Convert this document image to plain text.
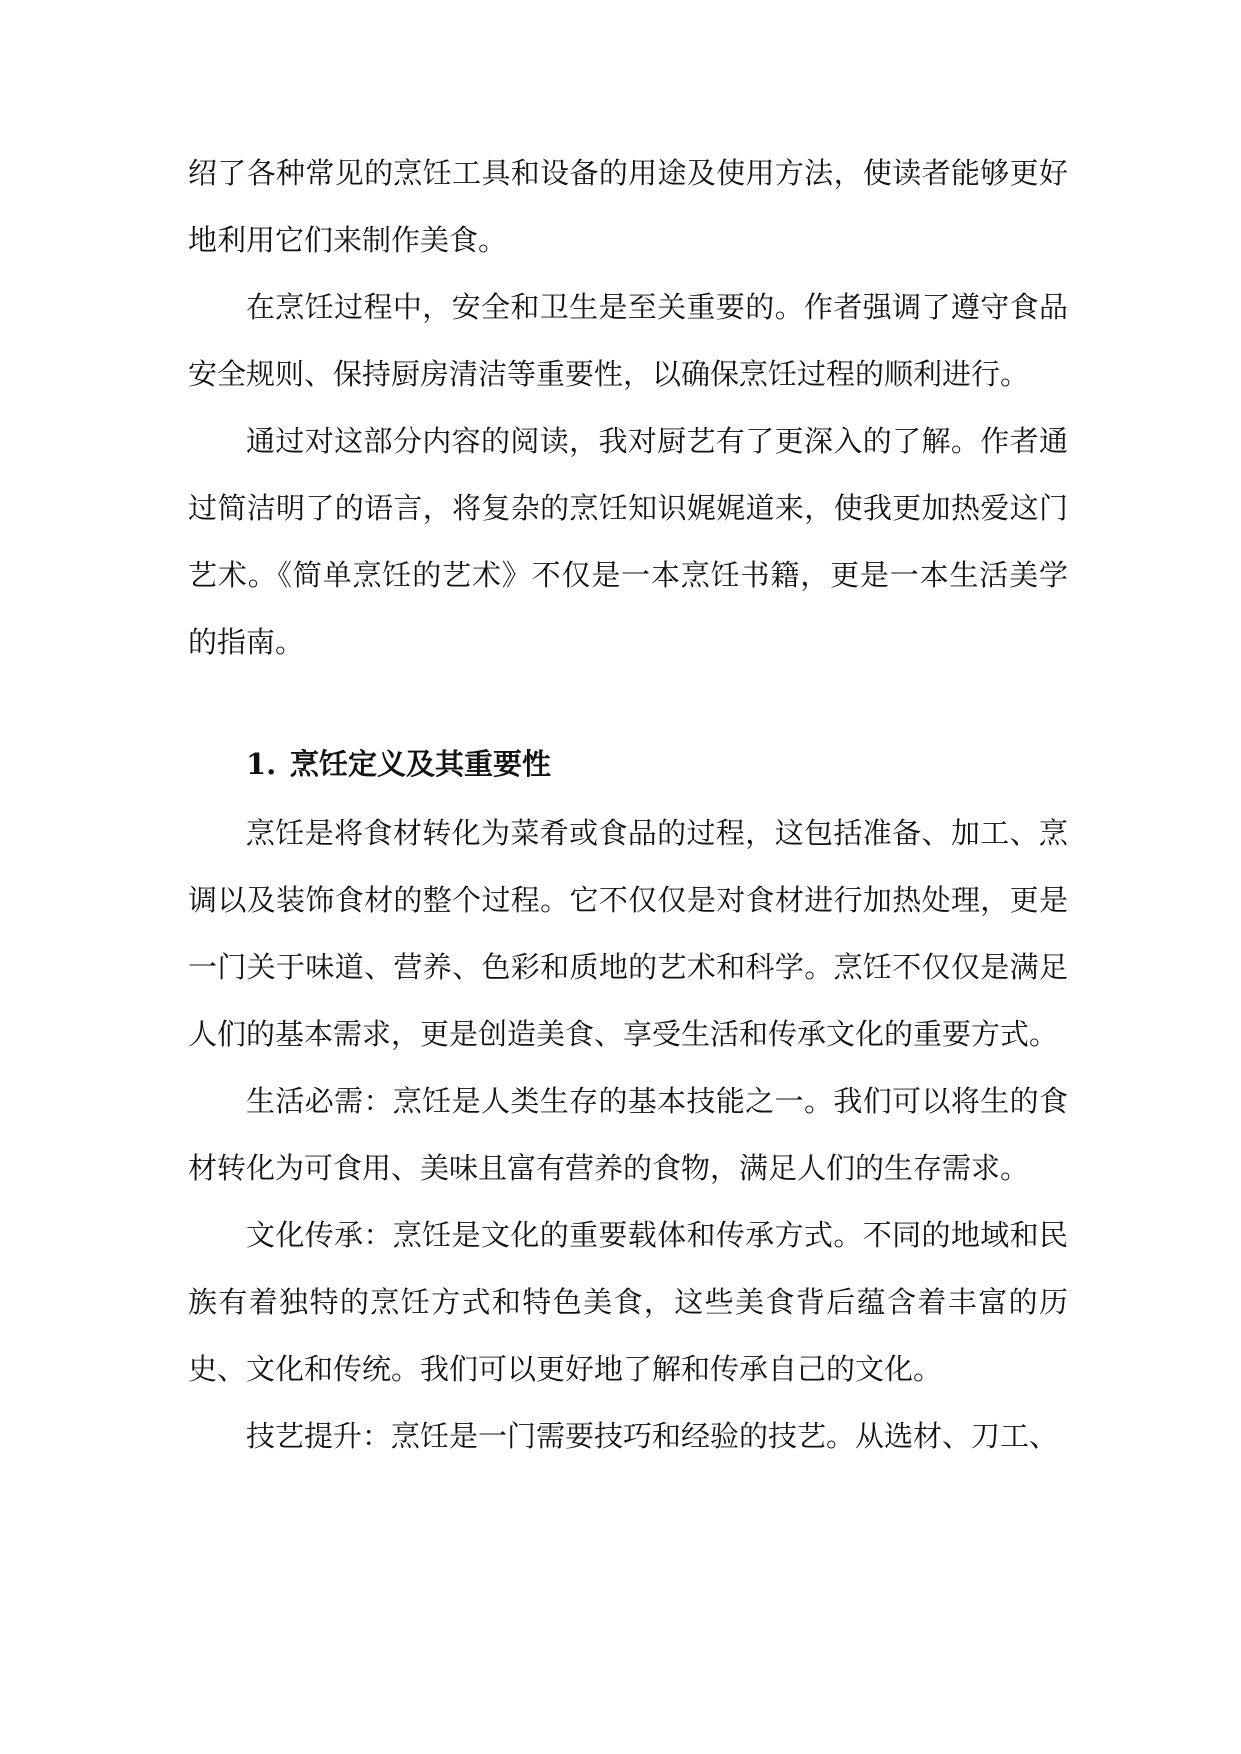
绍了各种常见的烹饪工具和设备的用途及使用方法，使读者能够更好地利用它们来制作美食。

在烹饪过程中，安全和卫生是至关重要的。作者强调了遵守食品安全规则、保持厨房清洁等重要性，以确保烹饪过程的顺利进行。

通过对这部分内容的阅读，我对厨艺有了更深入的了解。作者通过简洁明了的语言，将复杂的烹饪知识娓娓道来，使我更加热爱这门艺术。《简单烹饪的艺术》不仅是一本烹饪书籍，更是一本生活美学的指南。

1. 烹饪定义及其重要性

烹饪是将食材转化为菜肴或食品的过程，这包括准备、加工、烹调以及装饰食材的整个过程。它不仅仅是对食材进行加热处理，更是一门关于味道、营养、色彩和质地的艺术和科学。烹饪不仅仅是满足人们的基本需求，更是创造美食、享受生活和传承文化的重要方式。

生活必需：烹饪是人类生存的基本技能之一。我们可以将生的食材转化为可食用、美味且富有营养的食物，满足人们的生存需求。

文化传承：烹饪是文化的重要载体和传承方式。不同的地域和民族有着独特的烹饪方式和特色美食，这些美食背后蕴含着丰富的历史、文化和传统。我们可以更好地了解和传承自己的文化。

技艺提升：烹饪是一门需要技巧和经验的技艺。从选材、刀工、
